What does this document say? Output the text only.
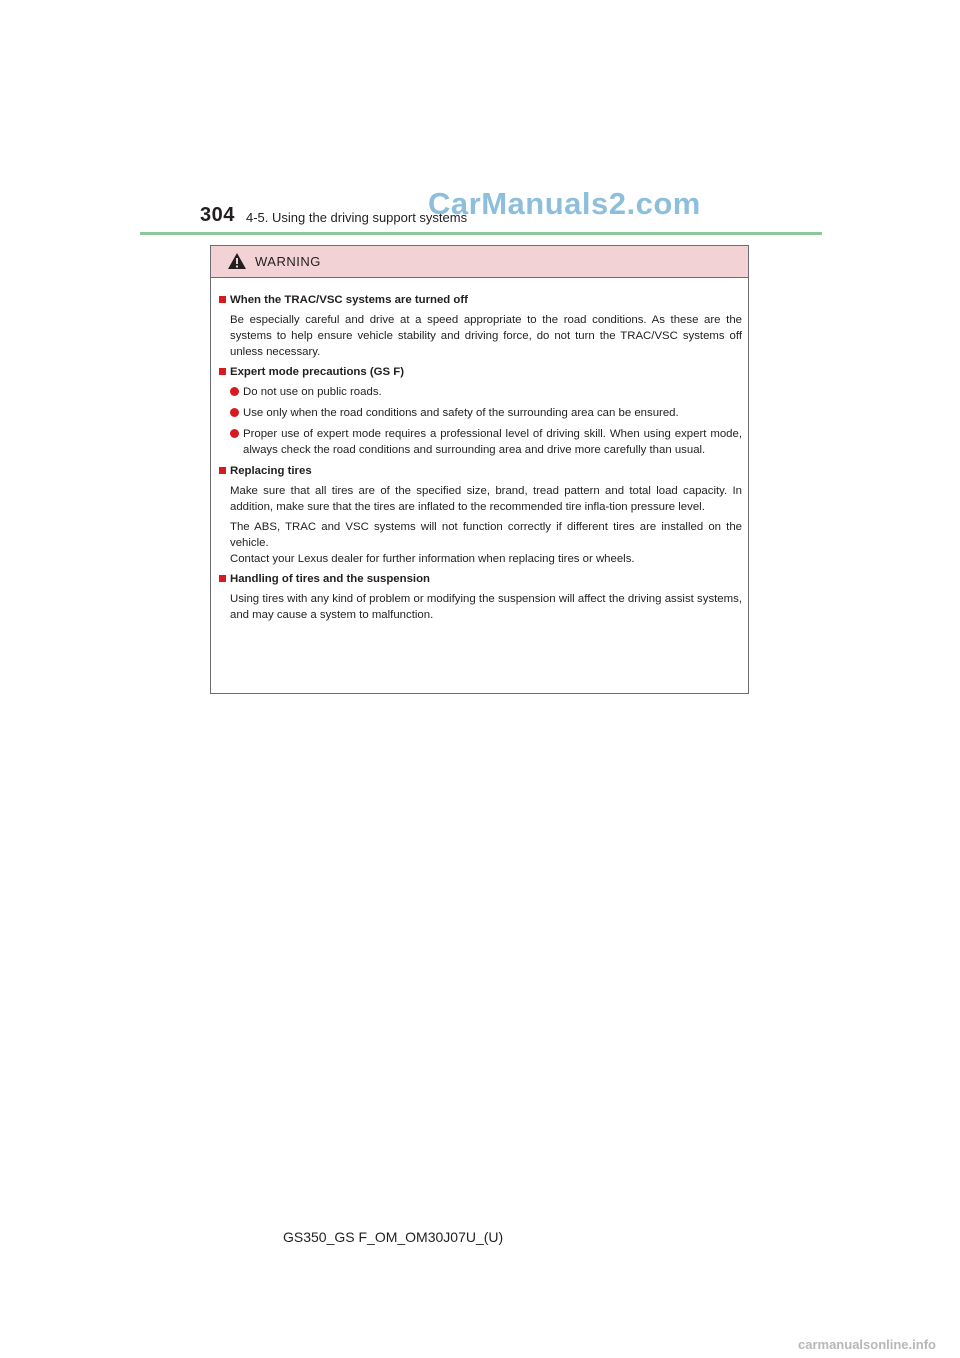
304 4-5. Using the driving support systems
CarManuals2.com
WARNING
When the TRAC/VSC systems are turned off
Be especially careful and drive at a speed appropriate to the road conditions. As these are the systems to help ensure vehicle stability and driving force, do not turn the TRAC/VSC systems off unless necessary.
Expert mode precautions (GS F)
Do not use on public roads.
Use only when the road conditions and safety of the surrounding area can be ensured.
Proper use of expert mode requires a professional level of driving skill. When using expert mode, always check the road conditions and surrounding area and drive more carefully than usual.
Replacing tires
Make sure that all tires are of the specified size, brand, tread pattern and total load capacity. In addition, make sure that the tires are inflated to the recommended tire infla-tion pressure level.
The ABS, TRAC and VSC systems will not function correctly if different tires are installed on the vehicle.
Contact your Lexus dealer for further information when replacing tires or wheels.
Handling of tires and the suspension
Using tires with any kind of problem or modifying the suspension will affect the driving assist systems, and may cause a system to malfunction.
GS350_GS F_OM_OM30J07U_(U)
carmanualsonline.info
